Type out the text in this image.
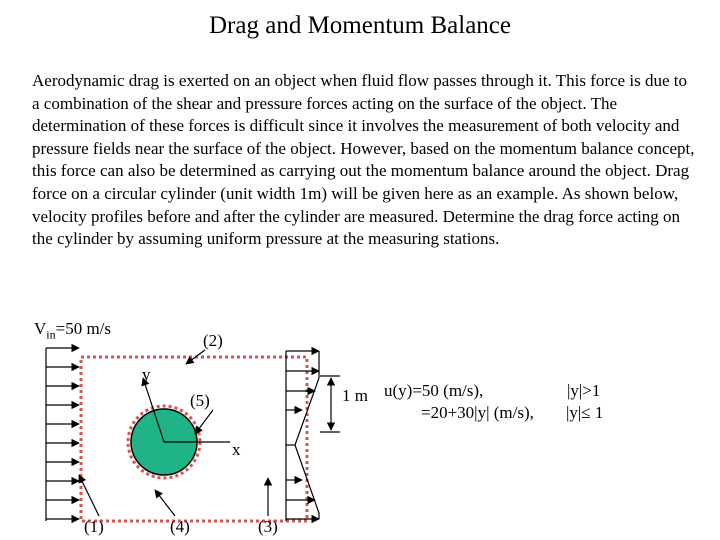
Drag and Momentum Balance
Aerodynamic drag is exerted on an object when fluid flow passes through it. This force is due to a combination of the shear and pressure forces acting on the surface of the object. The determination of these forces is difficult since it involves the measurement of both velocity and pressure fields near the surface of the object. However, based on the momentum balance concept, this force can also be determined as carrying out the momentum balance around the object. Drag force on a circular cylinder (unit width 1m) will be given here as an example. As shown below, velocity profiles before and after the cylinder are measured. Determine the drag force acting on the cylinder by assuming uniform pressure at the measuring stations.
$V_{in}=50$ m/s
(2)
y
(5)
x
(1)	(4)	(3)
1 m u(y)=50 (m/s),	|y|>1
=20+30|y| (m/s), |y|≤ 1
